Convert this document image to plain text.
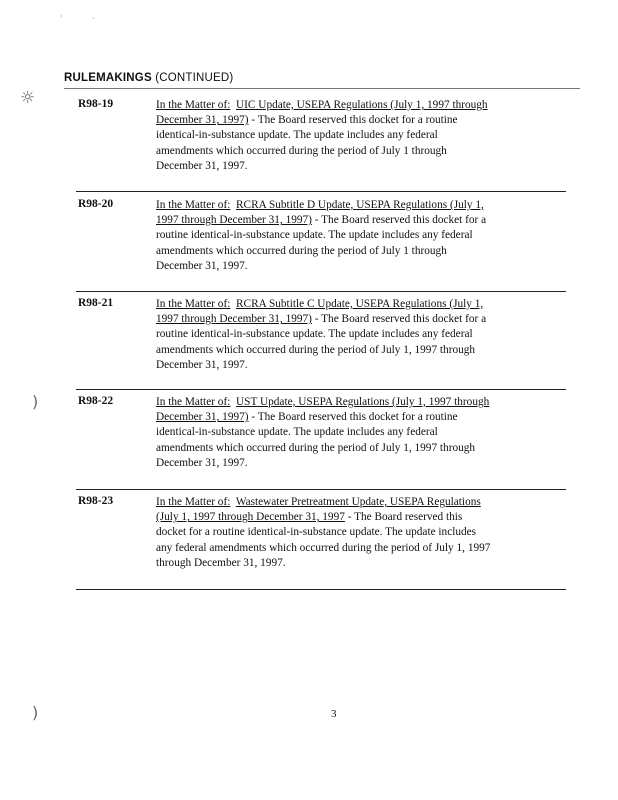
·	·
☼
)
)
RULEMAKINGS (CONTINUED)
R98-19	In the Matter of: UIC Update, USEPA Regulations (July 1, 1997 through December 31, 1997) - The Board reserved this docket for a routine identical-in-substance update. The update includes any federal amendments which occurred during the period of July 1 through December 31, 1997.
R98-20	In the Matter of: RCRA Subtitle D Update, USEPA Regulations (July 1, 1997 through December 31, 1997) - The Board reserved this docket for a routine identical-in-substance update. The update includes any federal amendments which occurred during the period of July 1 through December 31, 1997.
R98-21	In the Matter of: RCRA Subtitle C Update, USEPA Regulations (July 1, 1997 through December 31, 1997) - The Board reserved this docket for a routine identical-in-substance update. The update includes any federal amendments which occurred during the period of July 1, 1997 through December 31, 1997.
R98-22	In the Matter of: UST Update, USEPA Regulations (July 1, 1997 through December 31, 1997) - The Board reserved this docket for a routine identical-in-substance update. The update includes any federal amendments which occurred during the period of July 1, 1997 through December 31, 1997.
R98-23	In the Matter of: Wastewater Pretreatment Update, USEPA Regulations (July 1, 1997 through December 31, 1997 - The Board reserved this docket for a routine identical-in-substance update. The update includes any federal amendments which occurred during the period of July 1, 1997 through December 31, 1997.
3
